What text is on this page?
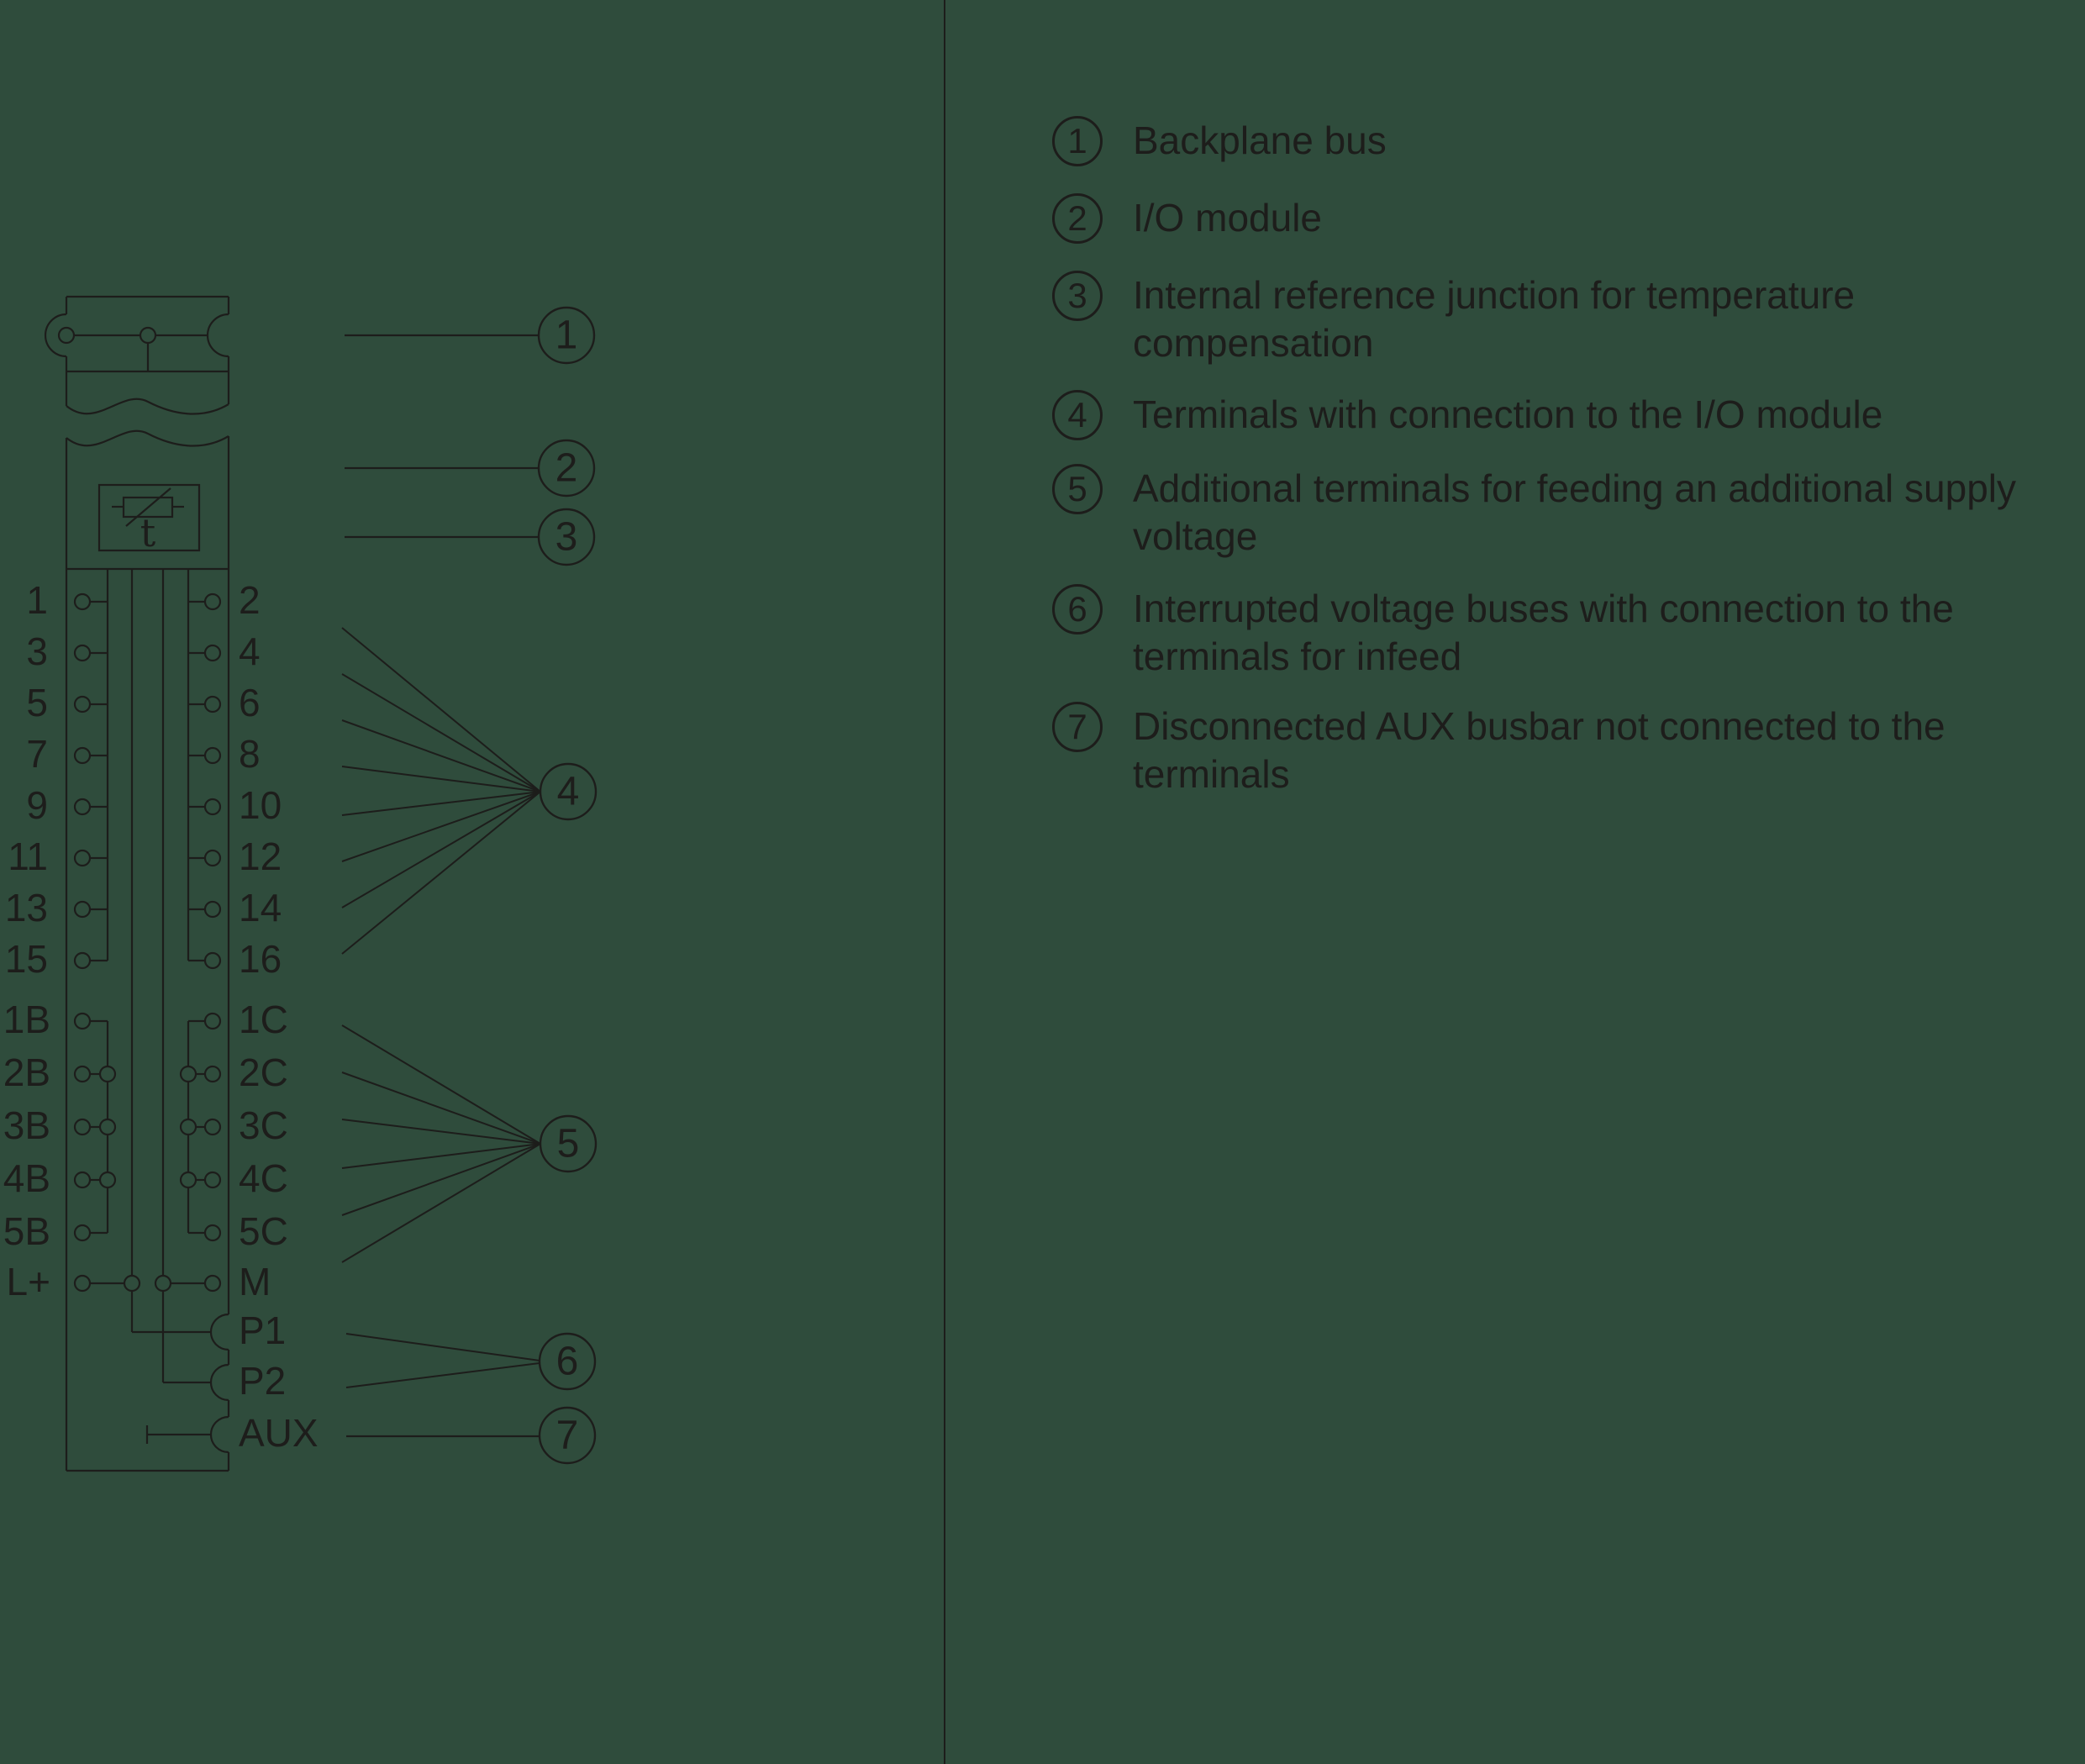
t
1	2
3	4
5	6
7	8
9	10
11	12
13	14
15	16
1B	1C
2B	2C
3B	3C
4B	4C
5B	5C
L+	M
P1
P2
AUX
1
2
3
4
5
6
7
1 Backplane bus
2 I/O module
3 Internal reference junction for temperature
compensation
4 Terminals with connection to the I/O module
5 Additional terminals for feeding an additional supply
voltage
6 Interrupted voltage buses with connection to the
terminals for infeed
7 Disconnected AUX busbar not connected to the
terminals
